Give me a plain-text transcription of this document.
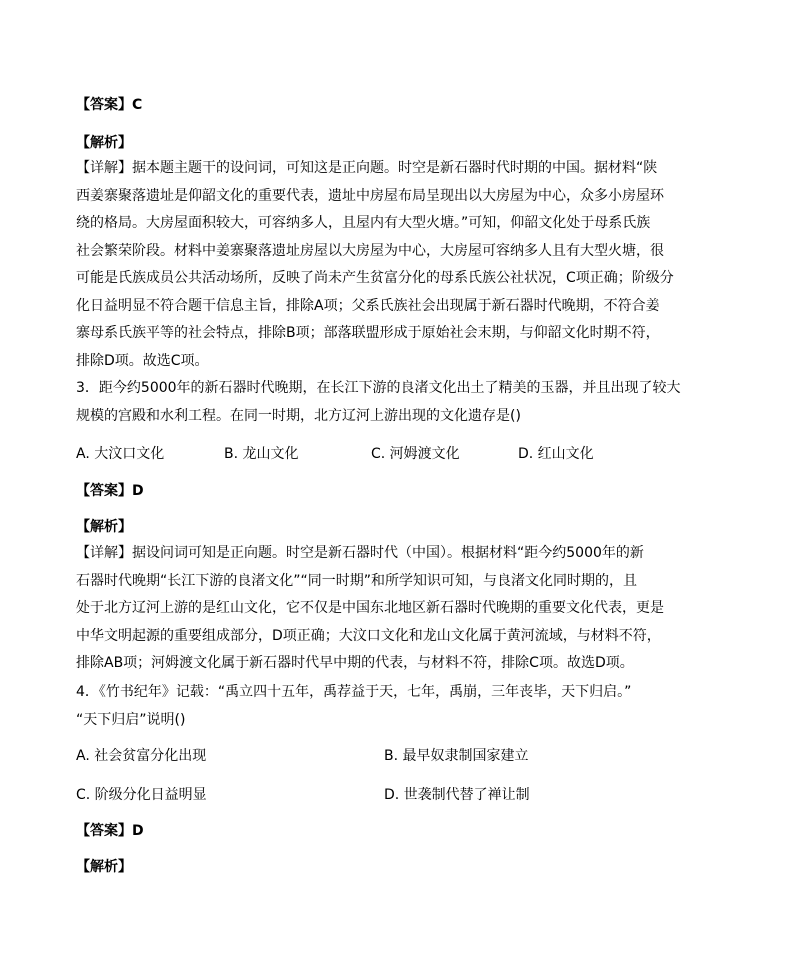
【答案】C
【解析】
【详解】据本题主题干的设问词，可知这是正向题。时空是新石器时代时期的中国。据材料“陕
西姜寨聚落遗址是仰韶文化的重要代表，遗址中房屋布局呈现出以大房屋为中心，众多小房屋环
绕的格局。大房屋面积较大，可容纳多人，且屋内有大型火塘。”可知，仰韶文化处于母系氏族
社会繁荣阶段。材料中姜寨聚落遗址房屋以大房屋为中心，大房屋可容纳多人且有大型火塘，很
可能是氏族成员公共活动场所，反映了尚未产生贫富分化的母系氏族公社状况，C项正确；阶级分
化日益明显不符合题干信息主旨，排除A项；父系氏族社会出现属于新石器时代晚期，不符合姜
寨母系氏族平等的社会特点，排除B项；部落联盟形成于原始社会末期，与仰韶文化时期不符，
排除D项。故选C项。
3．距今约5000年的新石器时代晚期，在长江下游的良渚文化出土了精美的玉器，并且出现了较大
规模的宫殿和水利工程。在同一时期，北方辽河上游出现的文化遗存是()
A. 大汶口文化	B. 龙山文化	C. 河姆渡文化	D. 红山文化
【答案】D
【解析】
【详解】据设问词可知是正向题。时空是新石器时代（中国）。根据材料“距今约5000年的新
石器时代晚期“长江下游的良渚文化”“同一时期”和所学知识可知，与良渚文化同时期的，且
处于北方辽河上游的是红山文化，它不仅是中国东北地区新石器时代晚期的重要文化代表，更是
中华文明起源的重要组成部分，D项正确；大汶口文化和龙山文化属于黄河流域，与材料不符，
排除AB项；河姆渡文化属于新石器时代早中期的代表，与材料不符，排除C项。故选D项。
4．《竹书纪年》记载：“禹立四十五年，禹荐益于天，七年，禹崩，三年丧毕，天下归启。”
“天下归启”说明()
A. 社会贫富分化出现	B. 最早奴隶制国家建立
C. 阶级分化日益明显	D. 世袭制代替了禅让制
【答案】D
【解析】
